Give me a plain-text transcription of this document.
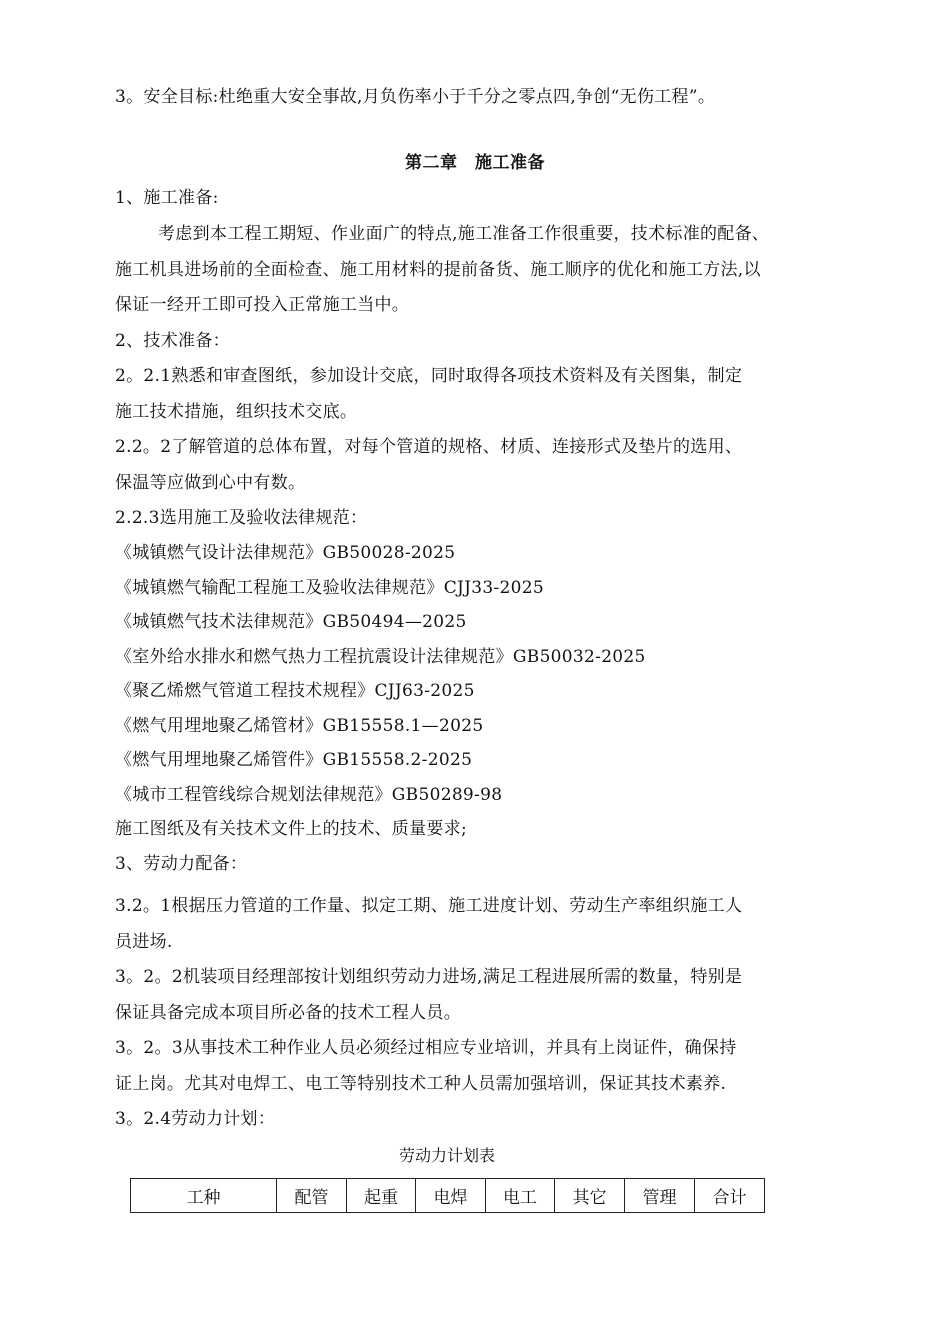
3。安全目标:杜绝重大安全事故,月负伤率小于千分之零点四,争创“无伤工程”。
第二章　施工准备
1、施工准备:
考虑到本工程工期短、作业面广的特点,施工准备工作很重要，技术标准的配备、
施工机具进场前的全面检查、施工用材料的提前备货、施工顺序的优化和施工方法,以
保证一经开工即可投入正常施工当中。
2、技术准备：
2。2.1熟悉和审查图纸，参加设计交底，同时取得各项技术资料及有关图集，制定
施工技术措施，组织技术交底。
2.2。2了解管道的总体布置，对每个管道的规格、材质、连接形式及垫片的选用、
保温等应做到心中有数。
2.2.3选用施工及验收法律规范：
《城镇燃气设计法律规范》GB50028-2025
《城镇燃气输配工程施工及验收法律规范》CJJ33-2025
《城镇燃气技术法律规范》GB50494—2025
《室外给水排水和燃气热力工程抗震设计法律规范》GB50032-2025
《聚乙烯燃气管道工程技术规程》CJJ63-2025
《燃气用埋地聚乙烯管材》GB15558.1—2025
《燃气用埋地聚乙烯管件》GB15558.2-2025
《城市工程管线综合规划法律规范》GB50289-98
施工图纸及有关技术文件上的技术、质量要求;
3、劳动力配备：
3.2。1根据压力管道的工作量、拟定工期、施工进度计划、劳动生产率组织施工人
员进场.
3。2。2机装项目经理部按计划组织劳动力进场,满足工程进展所需的数量，特别是
保证具备完成本项目所必备的技术工程人员。
3。2。3从事技术工种作业人员必须经过相应专业培训，并具有上岗证件，确保持
证上岗。尤其对电焊工、电工等特别技术工种人员需加强培训，保证其技术素养.
3。2.4劳动力计划：
劳动力计划表
工种	配管	起重	电焊	电工	其它	管理	合计
